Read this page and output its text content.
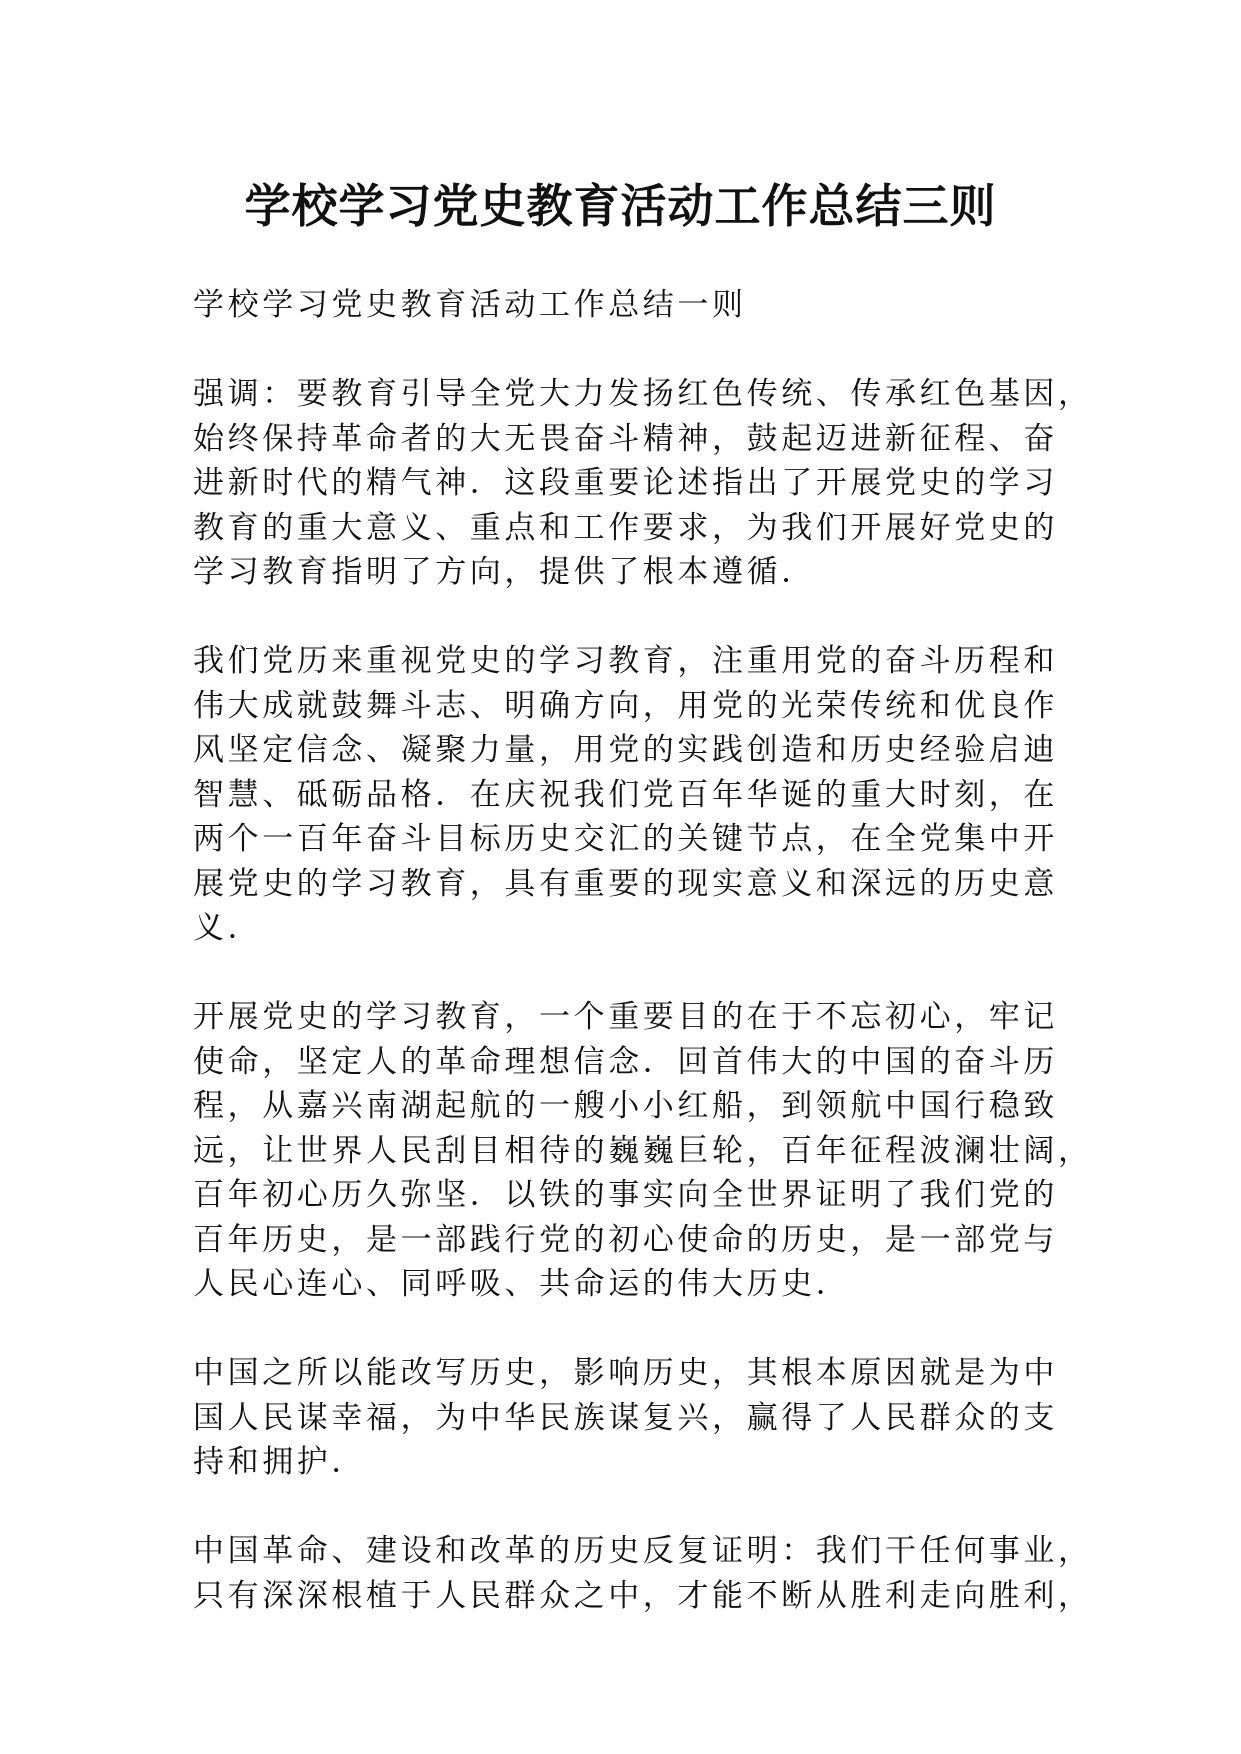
学校学习党史教育活动工作总结三则

学校学习党史教育活动工作总结一则

强调：要教育引导全党大力发扬红色传统、传承红色基因，
始终保持革命者的大无畏奋斗精神，鼓起迈进新征程、奋
进新时代的精气神．这段重要论述指出了开展党史的学习
教育的重大意义、重点和工作要求，为我们开展好党史的
学习教育指明了方向，提供了根本遵循．

我们党历来重视党史的学习教育，注重用党的奋斗历程和
伟大成就鼓舞斗志、明确方向，用党的光荣传统和优良作
风坚定信念、凝聚力量，用党的实践创造和历史经验启迪
智慧、砥砺品格．在庆祝我们党百年华诞的重大时刻，在
两个一百年奋斗目标历史交汇的关键节点，在全党集中开
展党史的学习教育，具有重要的现实意义和深远的历史意
义．

开展党史的学习教育，一个重要目的在于不忘初心，牢记
使命，坚定人的革命理想信念．回首伟大的中国的奋斗历
程，从嘉兴南湖起航的一艘小小红船，到领航中国行稳致
远，让世界人民刮目相待的巍巍巨轮，百年征程波澜壮阔，
百年初心历久弥坚．以铁的事实向全世界证明了我们党的
百年历史，是一部践行党的初心使命的历史，是一部党与
人民心连心、同呼吸、共命运的伟大历史．

中国之所以能改写历史，影响历史，其根本原因就是为中
国人民谋幸福，为中华民族谋复兴，赢得了人民群众的支
持和拥护．

中国革命、建设和改革的历史反复证明：我们干任何事业，
只有深深根植于人民群众之中，才能不断从胜利走向胜利，
